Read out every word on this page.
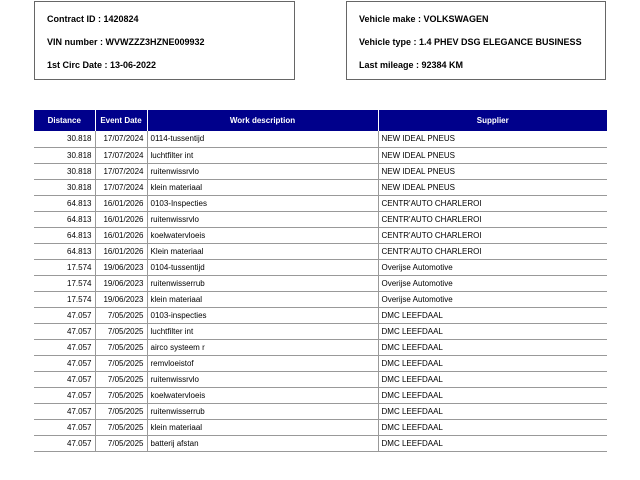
Contract ID : 1420824
VIN number : WVWZZZ3HZNE009932
1st Circ Date : 13-06-2022
Vehicle make : VOLKSWAGEN
Vehicle type : 1.4 PHEV DSG ELEGANCE BUSINESS
Last mileage : 92384 KM
Distance	Event Date	Work description	Supplier
30.818	17/07/2024	0114-tussentijd	NEW IDEAL PNEUS
30.818	17/07/2024	luchtfilter int	NEW IDEAL PNEUS
30.818	17/07/2024	ruitenwissrvlo	NEW IDEAL PNEUS
30.818	17/07/2024	klein materiaal	NEW IDEAL PNEUS
64.813	16/01/2026	0103-Inspecties	CENTR'AUTO CHARLEROI
64.813	16/01/2026	ruitenwissrvlo	CENTR'AUTO CHARLEROI
64.813	16/01/2026	koelwatervloeis	CENTR'AUTO CHARLEROI
64.813	16/01/2026	Klein materiaal	CENTR'AUTO CHARLEROI
17.574	19/06/2023	0104-tussentijd	Overijse Automotive
17.574	19/06/2023	ruitenwisserrub	Overijse Automotive
17.574	19/06/2023	klein materiaal	Overijse Automotive
47.057	7/05/2025	0103-inspecties	DMC LEEFDAAL
47.057	7/05/2025	luchtfilter int	DMC LEEFDAAL
47.057	7/05/2025	airco systeem r	DMC LEEFDAAL
47.057	7/05/2025	remvloeistof	DMC LEEFDAAL
47.057	7/05/2025	ruitenwissrvlo	DMC LEEFDAAL
47.057	7/05/2025	koelwatervloeis	DMC LEEFDAAL
47.057	7/05/2025	ruitenwisserrub	DMC LEEFDAAL
47.057	7/05/2025	klein materiaal	DMC LEEFDAAL
47.057	7/05/2025	batterij afstan	DMC LEEFDAAL
